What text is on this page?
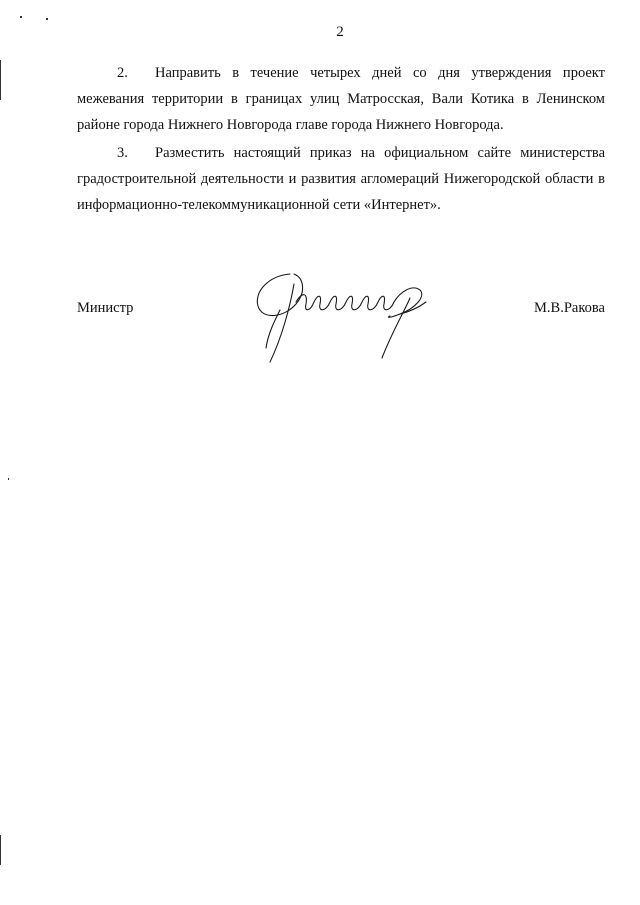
2

2. Направить в течение четырех дней со дня утверждения проект межевания территории в границах улиц Матросская, Вали Котика в Ленинском районе города Нижнего Новгорода главе города Нижнего Новгорода.

3. Разместить настоящий приказ на официальном сайте министерства градостроительной деятельности и развития агломераций Нижегородской области в информационно-телекоммуникационной сети «Интернет».

Министр	М.В.Ракова
